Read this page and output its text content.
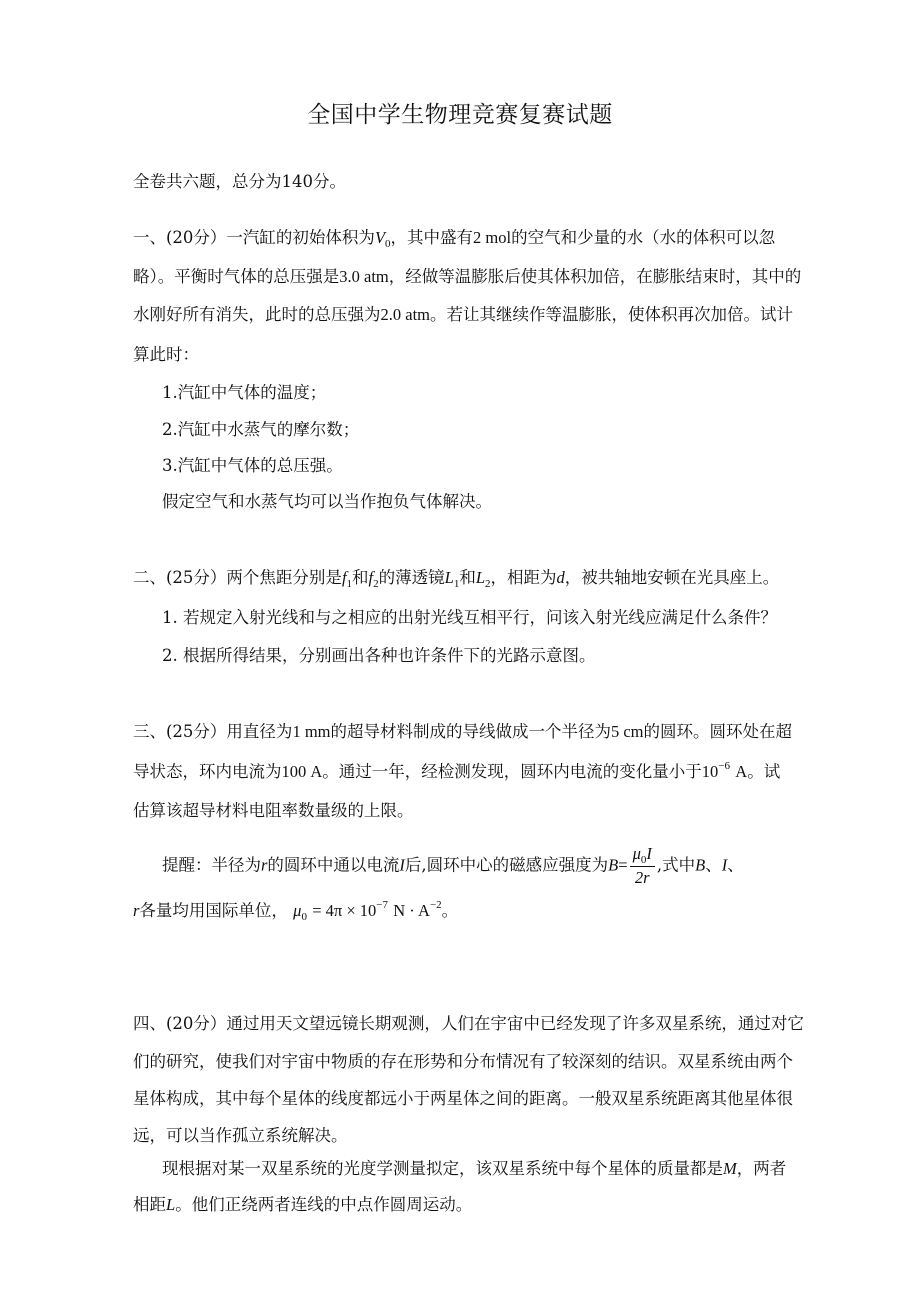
全国中学生物理竞赛复赛试题
全卷共六题，总分为140分。
一、(20分）一汽缸的初始体积为$V_0$，其中盛有2 mol的空气和少量的水（水的体积可以忽
略）。平衡时气体的总压强是3.0 atm，经做等温膨胀后使其体积加倍，在膨胀结束时，其中的
水刚好所有消失，此时的总压强为2.0 atm。若让其继续作等温膨胀，使体积再次加倍。试计
算此时：
1.汽缸中气体的温度；
2.汽缸中水蒸气的摩尔数；
3.汽缸中气体的总压强。
假定空气和水蒸气均可以当作抱负气体解决。
二、(25分）两个焦距分别是$f_1$和$f_2$的薄透镜$L_1$和$L_2$，相距为d，被共轴地安顿在光具座上。
1. 若规定入射光线和与之相应的出射光线互相平行，问该入射光线应满足什么条件？
2. 根据所得结果，分别画出各种也许条件下的光路示意图。
三、(25分）用直径为1 mm的超导材料制成的导线做成一个半径为5 cm的圆环。圆环处在超
导状态，环内电流为100 A。通过一年，经检测发现，圆环内电流的变化量小于$10^{-6}$ A。试
估算该超导材料电阻率数量级的上限。
提醒：半径为r的圆环中通以电流I后,圆环中心的磁感应强度为$B= \frac{\mu_0I}{2r}$ ,式中B、I、
r各量均用国际单位， $\mu_0 = 4\pi \times 10^{-7}$ $N \cdot A^{-2}$。
四、(20分）通过用天文望远镜长期观测，人们在宇宙中已经发现了许多双星系统，通过对它
们的研究，使我们对宇宙中物质的存在形势和分布情况有了较深刻的结识。双星系统由两个
星体构成，其中每个星体的线度都远小于两星体之间的距离。一般双星系统距离其他星体很
远，可以当作孤立系统解决。
现根据对某一双星系统的光度学测量拟定，该双星系统中每个星体的质量都是M，两者
相距L。他们正绕两者连线的中点作圆周运动。
